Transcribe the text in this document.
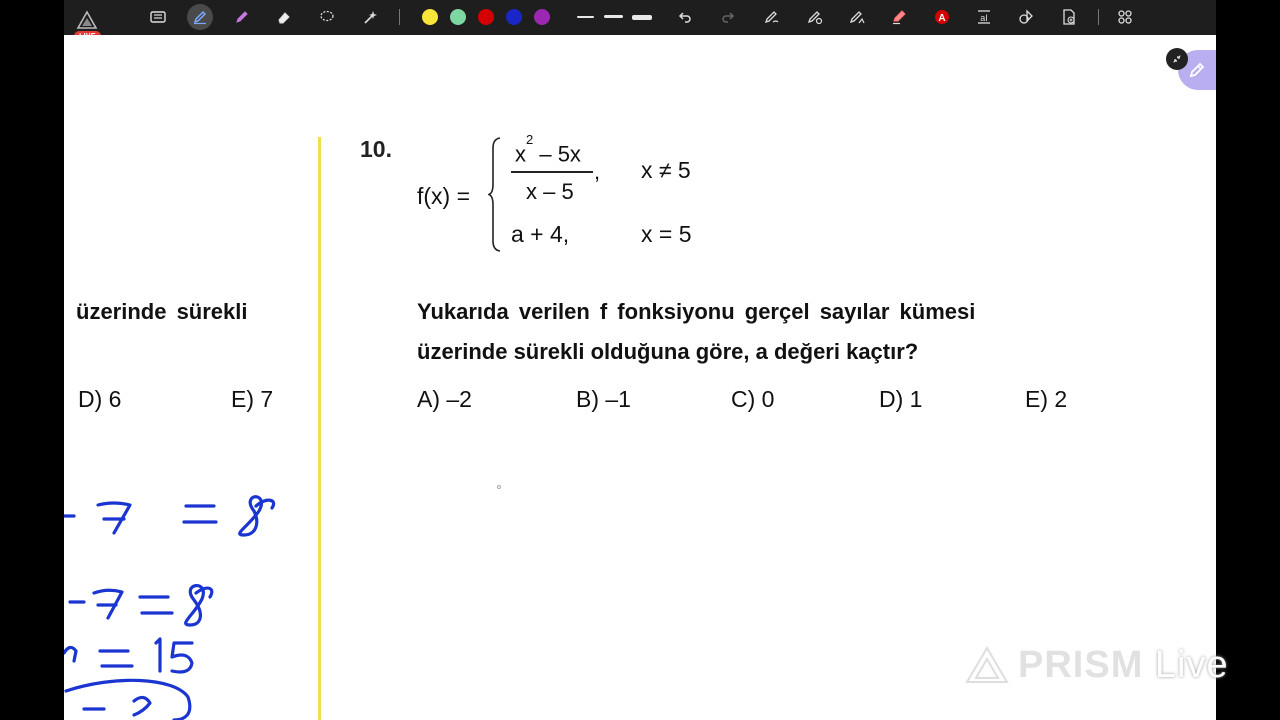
A	aI
üzerinde sürekli
D) 6	E) 7
10.
f(x) =
$x^2 - 5x$
x – 5
, x ≠ 5
a + 4,	x = 5
Yukarıda verilen f fonksiyonu gerçel sayılar kümesi
üzerinde sürekli olduğuna göre, a değeri kaçtır?
A) –2	B) –1	C) 0	D) 1	E) 2
PRISM Live
